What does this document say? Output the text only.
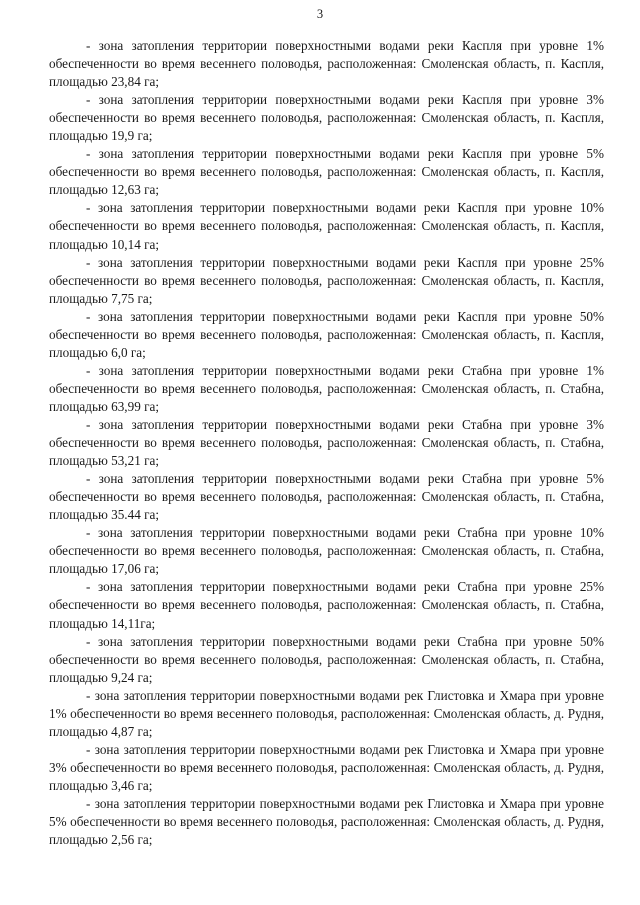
3

- зона затопления территории поверхностными водами реки Каспля при уровне 1% обеспеченности во время весеннего половодья, расположенная: Смоленская область, п. Каспля, площадью 23,84 га;

- зона затопления территории поверхностными водами реки Каспля при уровне 3% обеспеченности во время весеннего половодья, расположенная: Смоленская область, п. Каспля, площадью 19,9 га;

- зона затопления территории поверхностными водами реки Каспля при уровне 5% обеспеченности во время весеннего половодья, расположенная: Смоленская область, п. Каспля, площадью 12,63 га;

- зона затопления территории поверхностными водами реки Каспля при уровне 10% обеспеченности во время весеннего половодья, расположенная: Смоленская область, п. Каспля, площадью 10,14 га;

- зона затопления территории поверхностными водами реки Каспля при уровне 25% обеспеченности во время весеннего половодья, расположенная: Смоленская область, п. Каспля, площадью 7,75 га;

- зона затопления территории поверхностными водами реки Каспля при уровне 50% обеспеченности во время весеннего половодья, расположенная: Смоленская область, п. Каспля, площадью 6,0 га;

- зона затопления территории поверхностными водами реки Стабна при уровне 1% обеспеченности во время весеннего половодья, расположенная: Смоленская область, п. Стабна, площадью 63,99 га;

- зона затопления территории поверхностными водами реки Стабна при уровне 3% обеспеченности во время весеннего половодья, расположенная: Смоленская область, п. Стабна, площадью 53,21 га;

- зона затопления территории поверхностными водами реки Стабна при уровне 5% обеспеченности во время весеннего половодья, расположенная: Смоленская область, п. Стабна, площадью 35.44 га;

- зона затопления территории поверхностными водами реки Стабна при уровне 10% обеспеченности во время весеннего половодья, расположенная: Смоленская область, п. Стабна, площадью 17,06 га;

- зона затопления территории поверхностными водами реки Стабна при уровне 25% обеспеченности во время весеннего половодья, расположенная: Смоленская область, п. Стабна, площадью 14,11га;

- зона затопления территории поверхностными водами реки Стабна при уровне 50% обеспеченности во время весеннего половодья, расположенная: Смоленская область, п. Стабна, площадью 9,24 га;

- зона затопления территории поверхностными водами рек Глистовка и Хмара при уровне 1% обеспеченности во время весеннего половодья, расположенная: Смоленская область, д. Рудня, площадью 4,87 га;

- зона затопления территории поверхностными водами рек Глистовка и Хмара при уровне 3% обеспеченности во время весеннего половодья, расположенная: Смоленская область, д. Рудня, площадью 3,46 га;

- зона затопления территории поверхностными водами рек Глистовка и Хмара при уровне 5% обеспеченности во время весеннего половодья, расположенная: Смоленская область, д. Рудня, площадью 2,56 га;
